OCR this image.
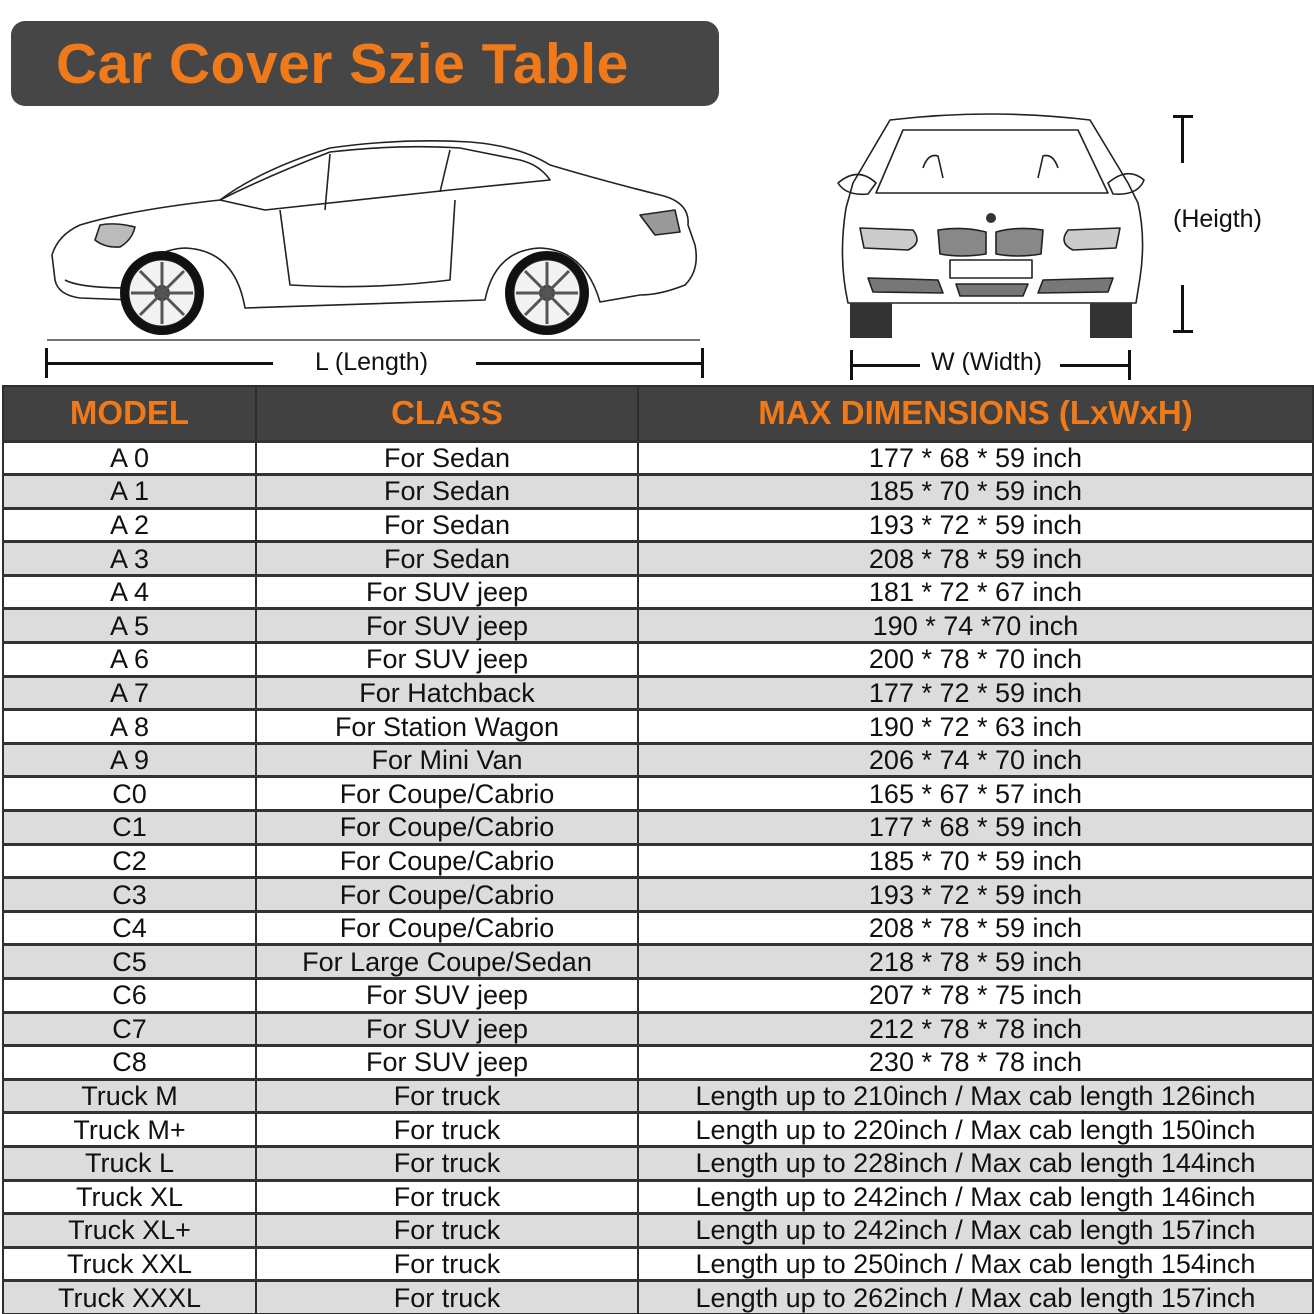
Car Cover Szie Table
L (Length)
(Heigth)
W (Width)
MODEL	CLASS	MAX DIMENSIONS (LxWxH)
A 0	For Sedan	177 * 68 * 59 inch
A 1	For Sedan	185 * 70 * 59 inch
A 2	For Sedan	193 * 72 * 59 inch
A 3	For Sedan	208 * 78 * 59 inch
A 4	For SUV jeep	181 * 72 * 67 inch
A 5	For SUV jeep	190 * 74 *70 inch
A 6	For SUV jeep	200 * 78 * 70 inch
A 7	For Hatchback	177 * 72 * 59 inch
A 8	For Station Wagon	190 * 72 * 63 inch
A 9	For Mini Van	206 * 74 * 70 inch
C0	For Coupe/Cabrio	165 * 67 * 57 inch
C1	For Coupe/Cabrio	177 * 68 * 59 inch
C2	For Coupe/Cabrio	185 * 70 * 59 inch
C3	For Coupe/Cabrio	193 * 72 * 59 inch
C4	For Coupe/Cabrio	208 * 78 * 59 inch
C5	For Large Coupe/Sedan	218 * 78 * 59 inch
C6	For SUV jeep	207 * 78 * 75 inch
C7	For SUV jeep	212 * 78 * 78 inch
C8	For SUV jeep	230 * 78 * 78 inch
Truck M	For truck	Length up to 210inch / Max cab length 126inch
Truck M+	For truck	Length up to 220inch / Max cab length 150inch
Truck L	For truck	Length up to 228inch / Max cab length 144inch
Truck XL	For truck	Length up to 242inch / Max cab length 146inch
Truck XL+	For truck	Length up to 242inch / Max cab length 157inch
Truck XXL	For truck	Length up to 250inch / Max cab length 154inch
Truck XXXL	For truck	Length up to 262inch / Max cab length 157inch
